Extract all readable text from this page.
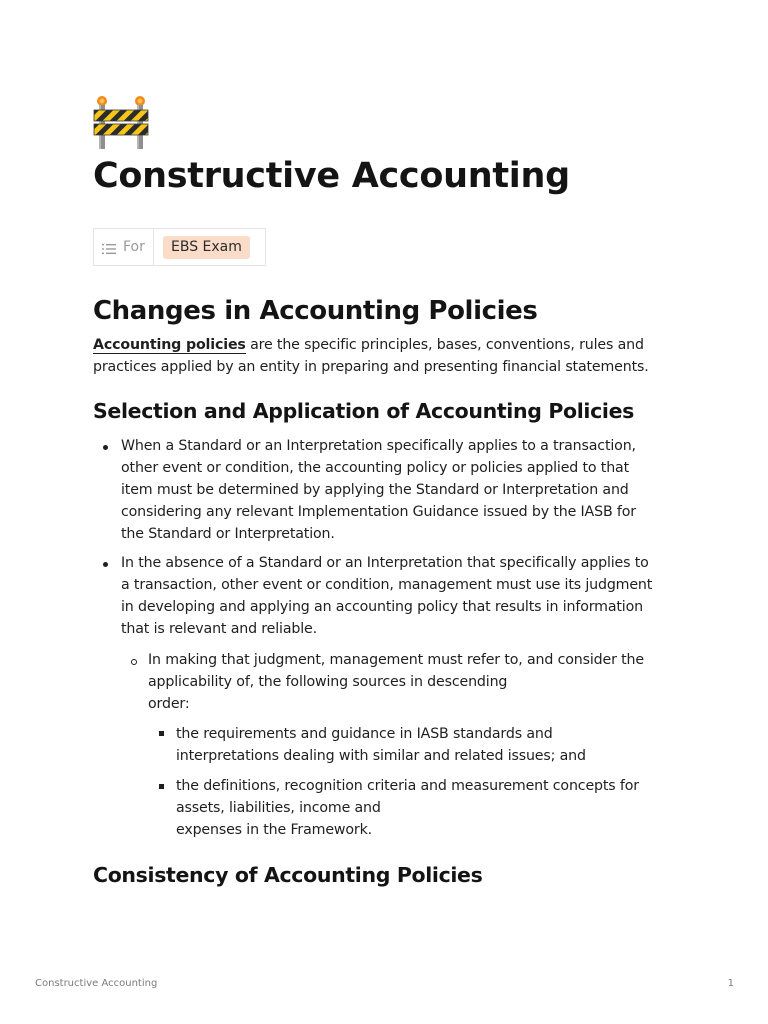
Constructive Accounting
For	EBS Exam
Changes in Accounting Policies

Accounting policies are the specific principles, bases, conventions, rules and
practices applied by an entity in preparing and presenting financial statements.

Selection and Application of Accounting Policies

When a Standard or an Interpretation specifically applies to a transaction,
other event or condition, the accounting policy or policies applied to that
item must be determined by applying the Standard or Interpretation and
considering any relevant Implementation Guidance issued by the IASB for
the Standard or Interpretation.

In the absence of a Standard or an Interpretation that specifically applies to
a transaction, other event or condition, management must use its judgment
in developing and applying an accounting policy that results in information
that is relevant and reliable.

In making that judgment, management must refer to, and consider the
applicability of, the following sources in descending
order:

the requirements and guidance in IASB standards and
interpretations dealing with similar and related issues; and

the definitions, recognition criteria and measurement concepts for
assets, liabilities, income and
expenses in the Framework.

Consistency of Accounting Policies
Constructive Accounting	1
